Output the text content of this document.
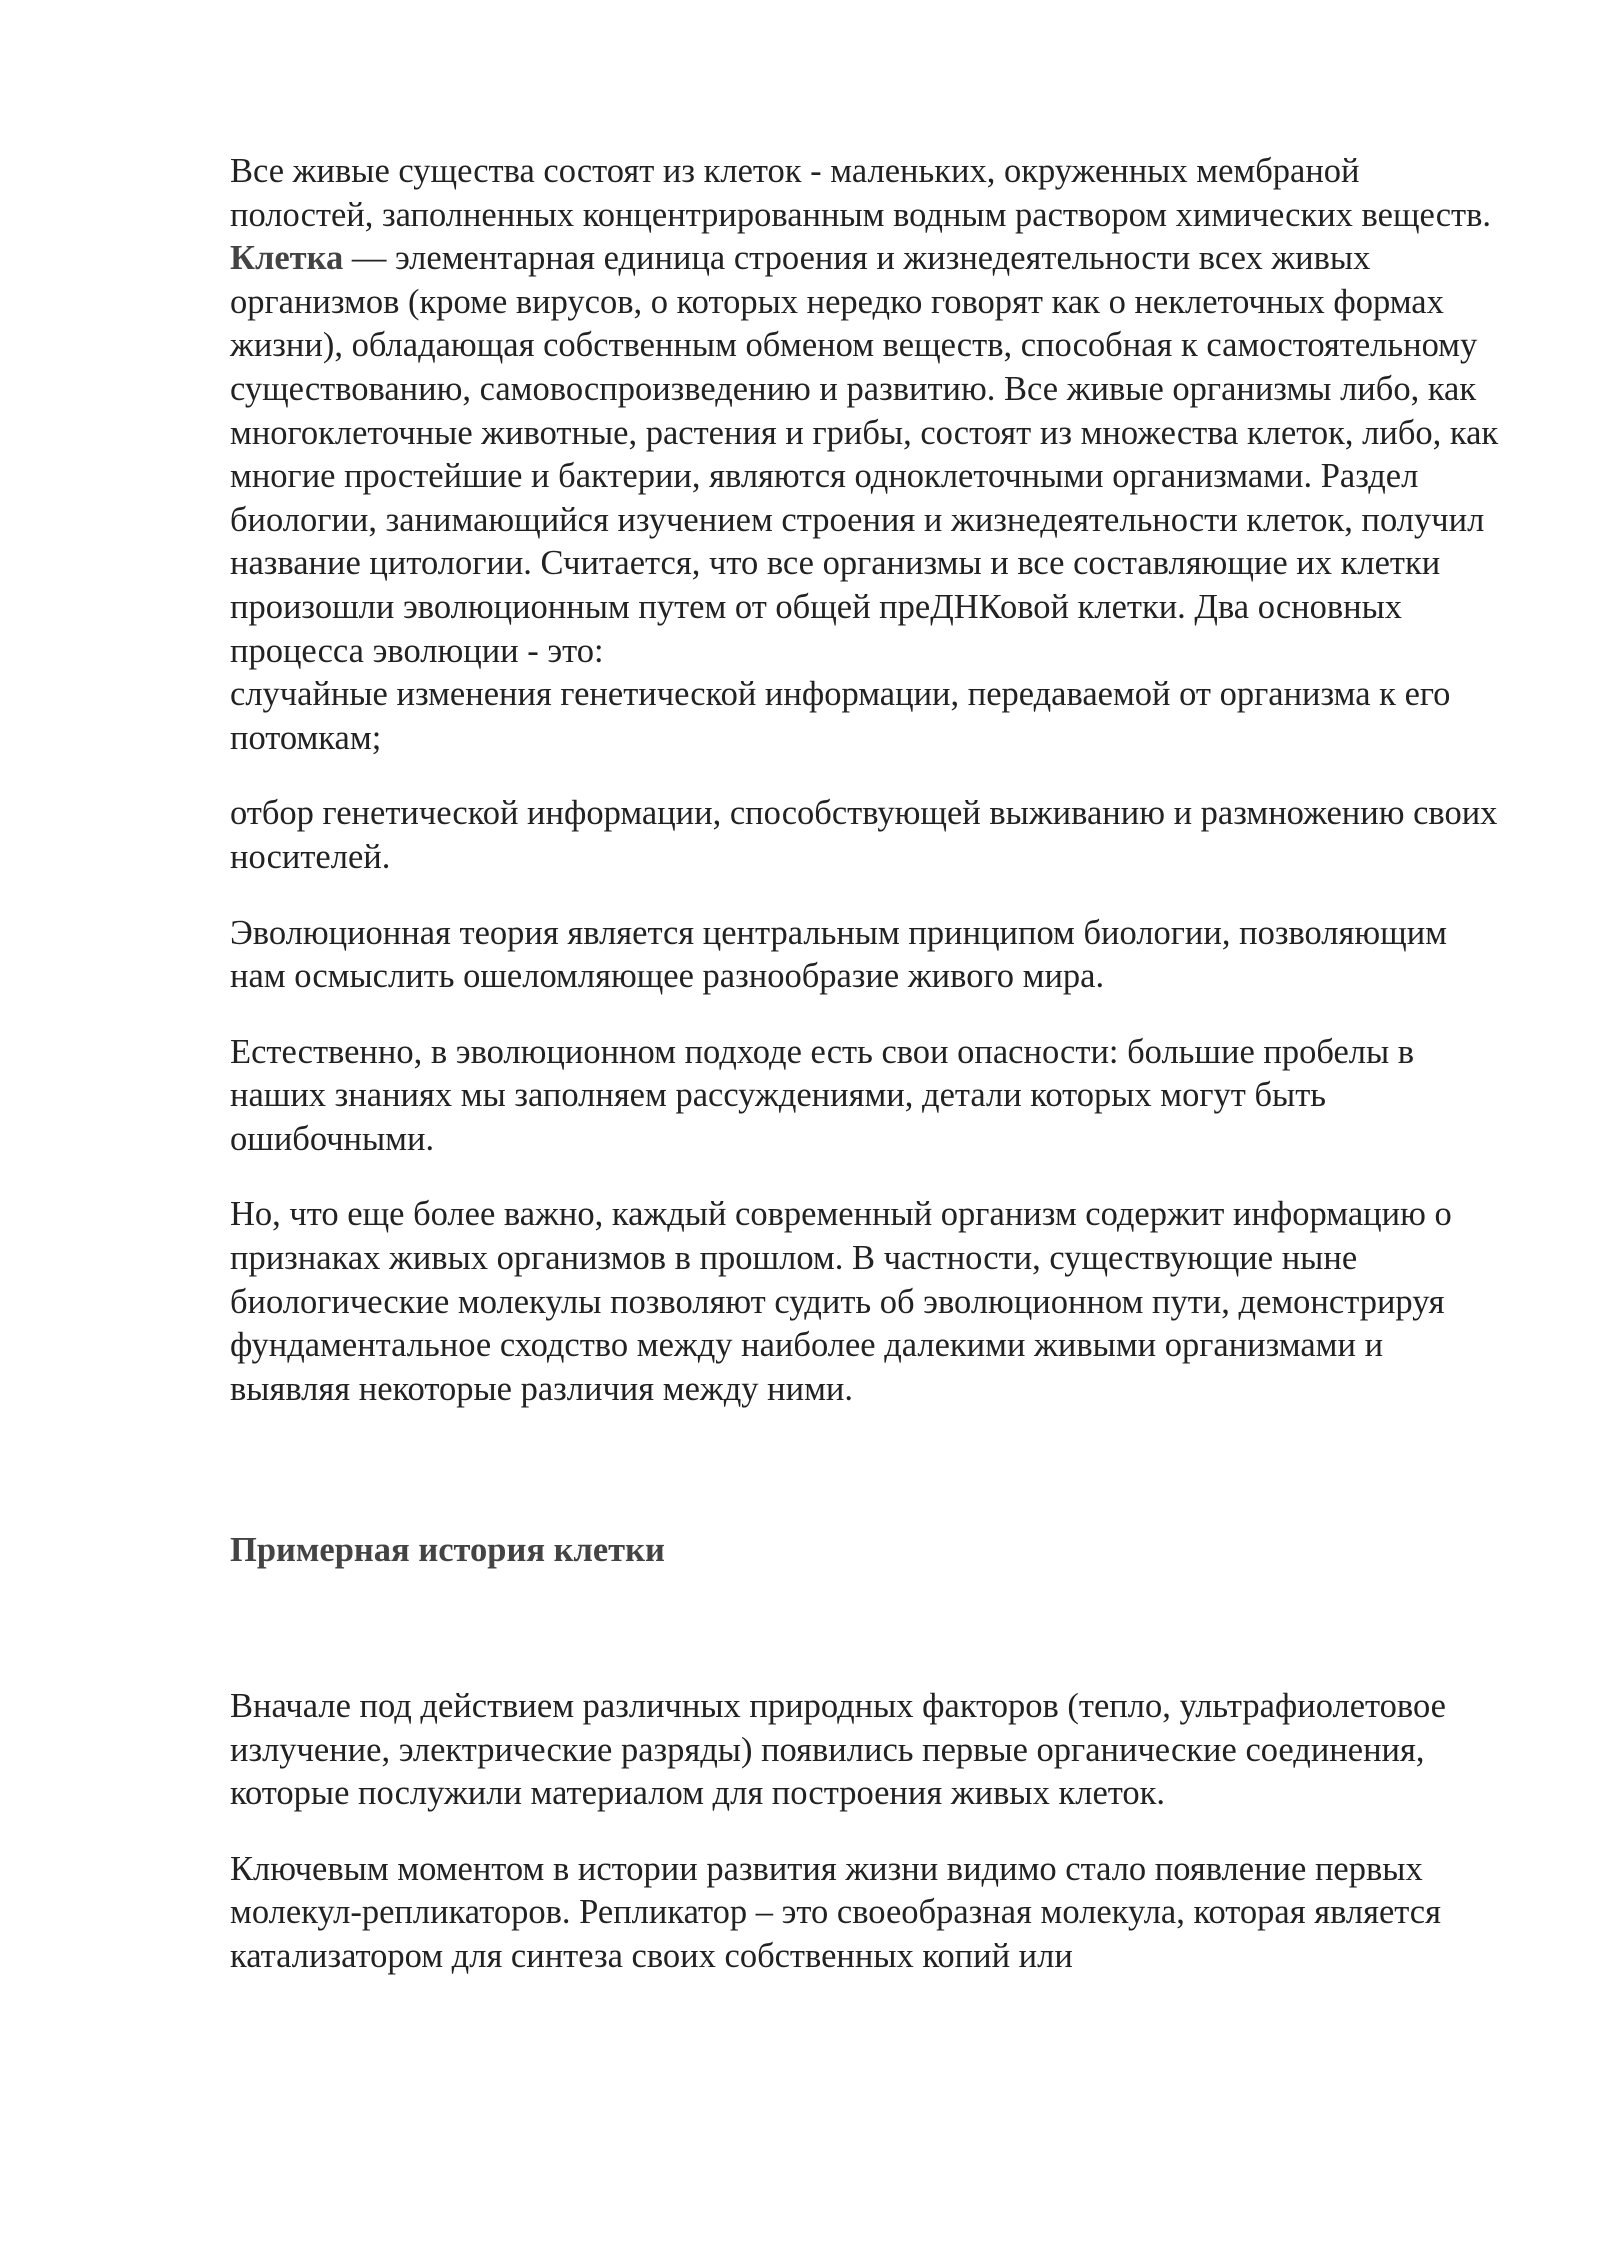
Все живые существа состоят из клеток - маленьких, окруженных мембраной полостей, заполненных концентрированным водным раствором химических веществ. Клетка — элементарная единица строения и жизнедеятельности всех живых организмов (кроме вирусов, о которых нередко говорят как о неклеточных формах жизни), обладающая собственным обменом веществ, способная к самостоятельному существованию, самовоспроизведению и развитию. Все живые организмы либо, как многоклеточные животные, растения и грибы, состоят из множества клеток, либо, как многие простейшие и бактерии, являются одноклеточными организмами. Раздел биологии, занимающийся изучением строения и жизнедеятельности клеток, получил название цитологии. Считается, что все организмы и все составляющие их клетки произошли эволюционным путем от общей преДНКовой клетки. Два основных процесса эволюции - это:

случайные изменения генетической информации, передаваемой от организма к его потомкам;

отбор генетической информации, способствующей выживанию и размножению своих носителей.

Эволюционная теория является центральным принципом биологии, позволяющим нам осмыслить ошеломляющее разнообразие живого мира.

Естественно, в эволюционном подходе есть свои опасности: большие пробелы в наших знаниях мы заполняем рассуждениями, детали которых могут быть ошибочными.

Но, что еще более важно, каждый современный организм содержит информацию о признаках живых организмов в прошлом. В частности, существующие ныне биологические молекулы позволяют судить об эволюционном пути, демонстрируя фундаментальное сходство между наиболее далекими живыми организмами и выявляя некоторые различия между ними.

Примерная история клетки

Вначале под действием различных природных факторов (тепло, ультрафиолетовое излучение, электрические разряды) появились первые органические соединения, которые послужили материалом для построения живых клеток.

Ключевым моментом в истории развития жизни видимо стало появление первых молекул-репликаторов. Репликатор – это своеобразная молекула, которая является катализатором для синтеза своих собственных копий или
